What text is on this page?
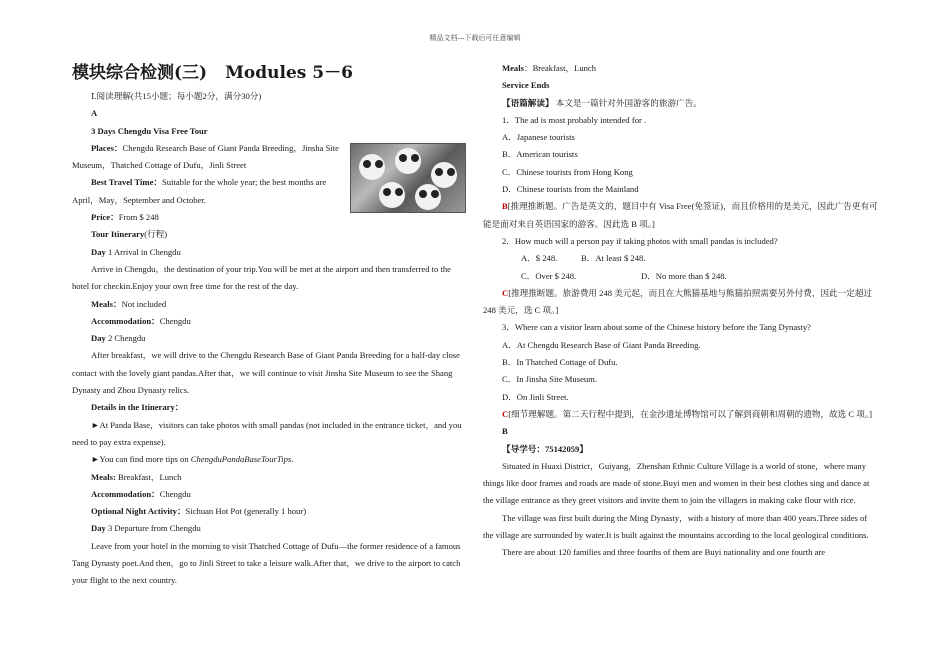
精品文档---下载后可任意编辑
模块综合检测(三) Modules 5－6
Ⅰ.阅读理解(共15小题；每小题2分，满分30分)
A
3 Days Chengdu Visa Free Tour
Places：Chengdu Research Base of Giant Panda Breeding，Jinsha Site Museum，Thatched Cottage of Dufu，Jinli Street
Best Travel Time：Suitable for the whole year; the best months are April，May，September and October.
Price：From $ 248
Tour Itinerary(行程)
Day 1 Arrival in Chengdu
Arrive in Chengdu，the destination of your trip.You will be met at the airport and then transferred to the hotel for checkin.Enjoy your own free time for the rest of the day.
Meals：Not included
Accommodation：Chengdu
Day 2 Chengdu
After breakfast，we will drive to the Chengdu Research Base of Giant Panda Breeding for a half-day close contact with the lovely giant pandas.After that，we will continue to visit Jinsha Site Museum to see the Shang Dynasty and Zhou Dynasty relics.
Details in the Itinerary：
►At Panda Base，visitors can take photos with small pandas (not included in the entrance ticket，and you need to pay extra expense).
►You can find more tips on ChengduPandaBaseTourTips.
Meals: Breakfast，Lunch
Accommodation：Chengdu
Optional Night Activity：Sichuan Hot Pot (generally 1 hour)
Day 3 Departure from Chengdu
Leave from your hotel in the morning to visit Thatched Cottage of Dufu—the former residence of a famous Tang Dynasty poet.And then，go to Jinli Street to take a leisure walk.After that，we drive to the airport to catch your flight to the next country.
Meals：Breakfast，Lunch
Service Ends
【语篇解读】 本文是一篇针对外国游客的旅游广告。
1．The ad is most probably intended for .
A．Japanese tourists
B．American tourists
C．Chinese tourists from Hong Kong
D．Chinese tourists from the Mainland
B[推理推断题。广告是英文的，题目中有 Visa Free(免签证)，而且价格用的是美元，因此广告更有可能是面对来自英语国家的游客。因此选 B 项。]
2．How much will a person pay if taking photos with small pandas is included?
A．$ 248.	B．At least $ 248.
C．Over $ 248.	D．No more than $ 248.
C[推理推断题。旅游费用 248 美元起，而且在大熊猫基地与熊猫拍照需要另外付费，因此一定超过 248 美元，选 C 项。]
3．Where can a visitor learn about some of the Chinese history before the Tang Dynasty?
A．At Chengdu Research Base of Giant Panda Breeding.
B．In Thatched Cottage of Dufu.
C．In Jinsha Site Museum.
D．On Jinli Street.
C[细节理解题。第二天行程中提到，在金沙遗址博物馆可以了解到商朝和周朝的遗物，故选 C 项。]
B
【导学号：75142059】
Situated in Huaxi District，Guiyang，Zhenshan Ethnic Culture Village is a world of stone，where many things like door frames and roads are made of stone.Buyi men and women in their best clothes sing and dance at the village entrance as they greet visitors and invite them to join the villagers in making cake flour with rice.
The village was first built during the Ming Dynasty，with a history of more than 400 years.Three sides of the village are surrounded by water.It is built against the mountains according to the local geological conditions.
There are about 120 families and three fourths of them are Buyi nationality and one fourth are
